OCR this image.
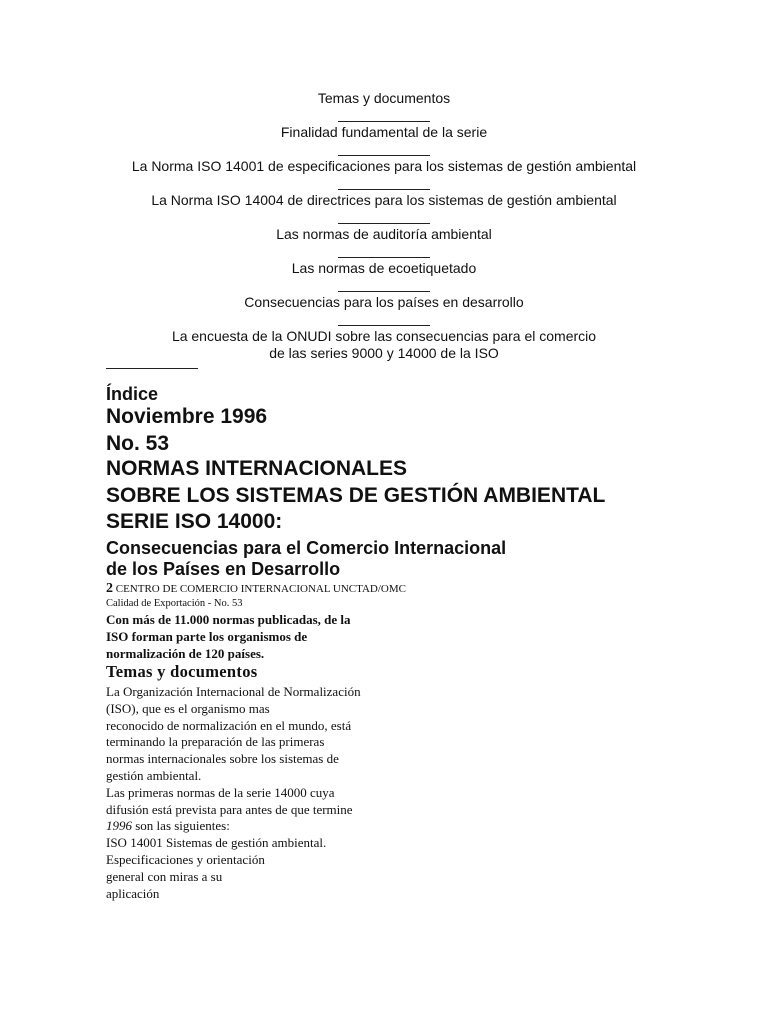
Temas y documentos
Finalidad fundamental de la serie
La Norma ISO 14001 de especificaciones para los sistemas de gestión ambiental
La Norma ISO 14004 de directrices para los sistemas de gestión ambiental
Las normas de auditoría ambiental
Las normas de ecoetiquetado
Consecuencias para los países en desarrollo
La encuesta de la ONUDI sobre las consecuencias para el comercio
de las series 9000 y 14000 de la ISO
Índice
Noviembre 1996
No. 53
NORMAS INTERNACIONALES
SOBRE LOS SISTEMAS DE GESTIÓN AMBIENTAL
SERIE ISO 14000:
Consecuencias para el Comercio Internacional
de los Países en Desarrollo
2 CENTRO DE COMERCIO INTERNACIONAL UNCTAD/OMC
Calidad de Exportación - No. 53
Con más de 11.000 normas publicadas, de la
ISO forman parte los organismos de
normalización de 120 países.
Temas y documentos
La Organización Internacional de Normalización
(ISO), que es el organismo mas
reconocido de normalización en el mundo, está
terminando la preparación de las primeras
normas internacionales sobre los sistemas de
gestión ambiental.
Las primeras normas de la serie 14000 cuya
difusión está prevista para antes de que termine
1996 son las siguientes:
ISO 14001 Sistemas de gestión ambiental.
Especificaciones y orientación
general con miras a su
aplicación
